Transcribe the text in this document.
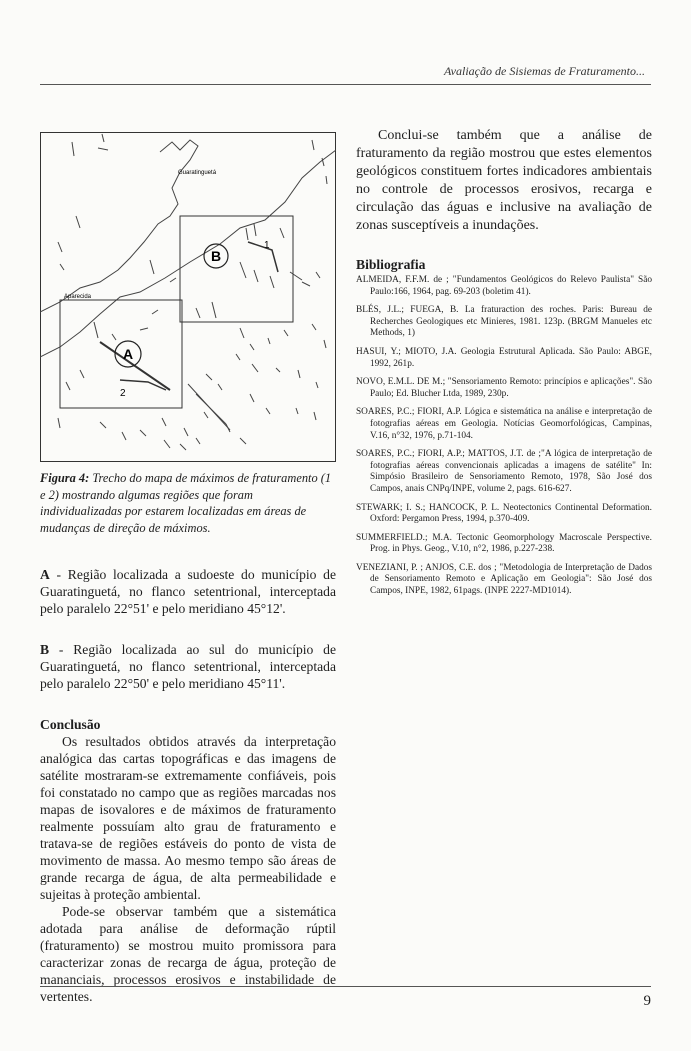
Avaliação de Sisiemas de Fraturamento...
B
A
1
2
Guaratinguetá
Aparecida

Figura 4: Trecho do mapa de máximos de fraturamento (1 e 2) mostrando algumas regiões que foram individualizadas por estarem localizadas em áreas de mudanças de direção de máximos.

A - Região localizada a sudoeste do município de Guaratinguetá, no flanco setentrional, interceptada pelo paralelo 22°51' e pelo meridiano 45°12'.

B - Região localizada ao sul do município de Guaratinguetá, no flanco setentrional, interceptada pelo paralelo 22°50' e pelo meridiano 45°11'.

Conclusão

Os resultados obtidos através da interpretação analógica das cartas topográficas e das imagens de satélite mostraram-se extremamente confiáveis, pois foi constatado no campo que as regiões marcadas nos mapas de isovalores e de máximos de fraturamento realmente possuíam alto grau de fraturamento e tratava-se de regiões estáveis do ponto de vista de movimento de massa. Ao mesmo tempo são áreas de grande recarga de água, de alta permeabilidade e sujeitas à proteção ambiental.

Pode-se observar também que a sistemática adotada para análise de deformação rúptil (fraturamento) se mostrou muito promissora para caracterizar zonas de recarga de água, proteção de mananciais, processos erosivos e instabilidade de vertentes.

Conclui-se também que a análise de fraturamento da região mostrou que estes elementos geológicos constituem fortes indicadores ambientais no controle de processos erosivos, recarga e circulação das águas e inclusive na avaliação de zonas susceptíveis a inundações.

Bibliografia
ALMEIDA, F.F.M. de ; "Fundamentos Geológicos do Relevo Paulista" São Paulo:166, 1964, pag. 69-203 (boletim 41).
BLÉS, J.L.; FUEGA, B. La fraturaction des roches. Paris: Bureau de Recherches Geologiques etc Minieres, 1981. 123p. (BRGM Manueles etc Methods, 1)
HASUI, Y.; MIOTO, J.A. Geologia Estrutural Aplicada. São Paulo: ABGE, 1992, 261p.
NOVO, E.M.L. DE M.; "Sensoriamento Remoto: princípios e aplicações". São Paulo; Ed. Blucher Ltda, 1989, 230p.
SOARES, P.C.; FIORI, A.P. Lógica e sistemática na análise e interpretação de fotografias aéreas em Geologia. Notícias Geomorfológicas, Campinas, V.16, n°32, 1976, p.71-104.
SOARES, P.C.; FIORI, A.P.; MATTOS, J.T. de ;"A lógica de interpretação de fotografias aéreas convencionais aplicadas a imagens de satélite" In: Simpósio Brasileiro de Sensoriamento Remoto, 1978, São José dos Campos, anais CNPq/INPE, volume 2, pags. 616-627.
STEWARK; I. S.; HANCOCK, P. L. Neotectonics Continental Deformation. Oxford: Pergamon Press, 1994, p.370-409.
SUMMERFIELD.; M.A. Tectonic Geomorphology Macroscale Perspective. Prog. in Phys. Geog., V.10, n°2, 1986, p.227-238.
VENEZIANI, P. ; ANJOS, C.E. dos ; "Metodologia de Interpretação de Dados de Sensoriamento Remoto e Aplicação em Geologia": São José dos Campos, INPE, 1982, 61pags. (INPE 2227-MD1014).
9
